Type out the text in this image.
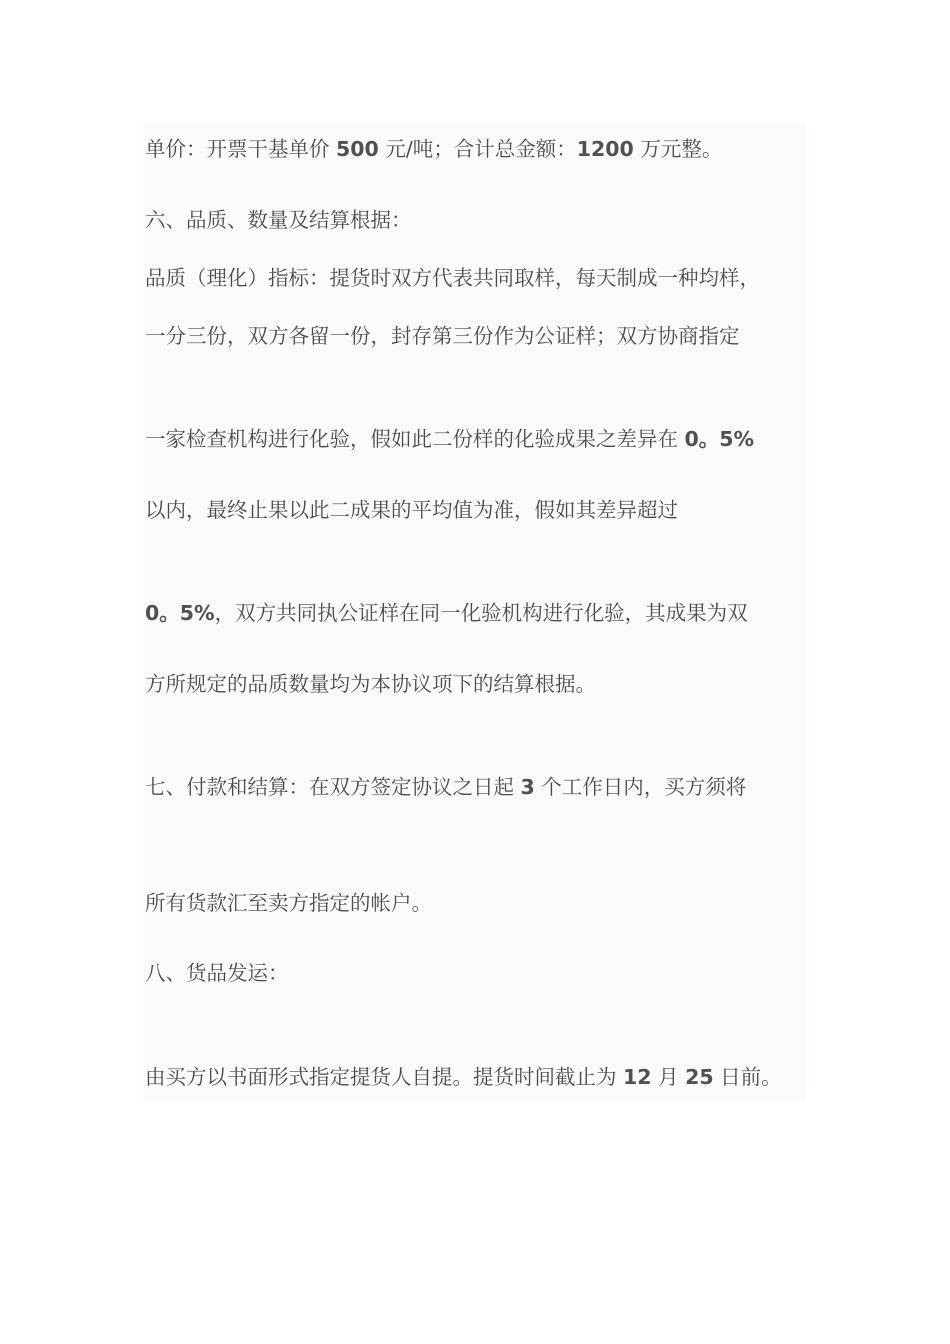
单价：开票干基单价 500 元/吨；合计总金额：1200 万元整。

六、品质、数量及结算根据：

品质（理化）指标：提货时双方代表共同取样，每天制成一种均样，

一分三份，双方各留一份，封存第三份作为公证样；双方协商指定

一家检查机构进行化验，假如此二份样的化验成果之差异在 0。5%

以内，最终止果以此二成果的平均值为准，假如其差异超过

0。5%，双方共同执公证样在同一化验机构进行化验，其成果为双

方所规定的品质数量均为本协议项下的结算根据。

七、付款和结算：在双方签定协议之日起 3 个工作日内，买方须将

所有货款汇至卖方指定的帐户。

八、货品发运：

由买方以书面形式指定提货人自提。提货时间截止为 12 月 25 日前。
